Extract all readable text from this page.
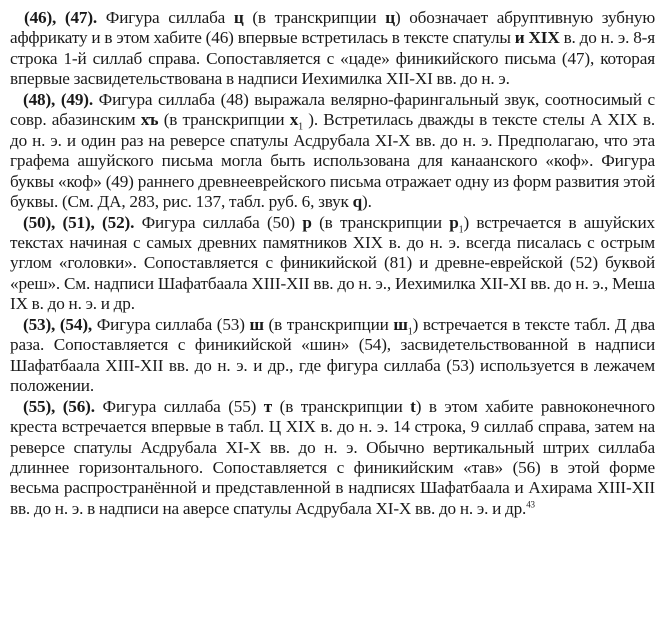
(46), (47). Фигура силлаба ц (в транскрипции ц) обозначает абруптивную зубную аффрикату и в этом хабите (46) впервые встретилась в тексте спатулы и XIX в. до н. э. 8-я строка 1-й силлаб справа. Сопоставляется с «цаде» финикийского письма (47), которая впервые засвидетельствована в надписи Иехимилка XII-XI вв. до н. э.

(48), (49). Фигура силлаба (48) выражала велярно-фарингальный звук, соотносимый с совр. абазинским хъ (в транскрипции $x_1$ ). Встретилась дважды в тексте стелы А XIX в. до н. э. и один раз на реверсе спатулы Асдрубала XI-X вв. до н. э. Предполагаю, что эта графема ашуйского письма могла быть использована для канаанского «коф». Фигура буквы «коф» (49) раннего древнееврейского письма отражает одну из форм развития этой буквы. (См. ДА, 283, рис. 137, табл. руб. 6, звук q).

(50), (51), (52). Фигура силлаба (50) р (в транскрипции $р_1$) встречается в ашуйских текстах начиная с самых древних памятников XIX в. до н. э. всегда писалась с острым углом «головки». Сопоставляется с финикийской (81) и древне-еврейской (52) буквой «реш». См. надписи Шафатбаала XIII-XII вв. до н. э., Иехимилка XII-XI вв. до н. э., Меша IX в. до н. э. и др.

(53), (54), Фигура силлаба (53) ш (в транскрипции $ш_1$) встречается в тексте табл. Д два раза. Сопоставляется с финикийской «шин» (54), засвидетельствованной в надписи Шафатбаала XIII-XII вв. до н. э. и др., где фигура силлаба (53) используется в лежачем положении.

(55), (56). Фигура силлаба (55) т (в транскрипции t) в этом хабите равноконечного креста встречается впервые в табл. Ц XIX в. до н. э. 14 строка, 9 силлаб справа, затем на реверсе спатулы Асдрубала XI-X вв. до н. э. Обычно вертикальный штрих силлаба длиннее горизонтального. Сопоставляется с финикийским «тав» (56) в этой форме весьма распространённой и представленной в надписях Шафатбаала и Ахирама XIII-XII вв. до н. э. в надписи на аверсе спатулы Асдрубала XI-X вв. до н. э. и др.$^{43}$
